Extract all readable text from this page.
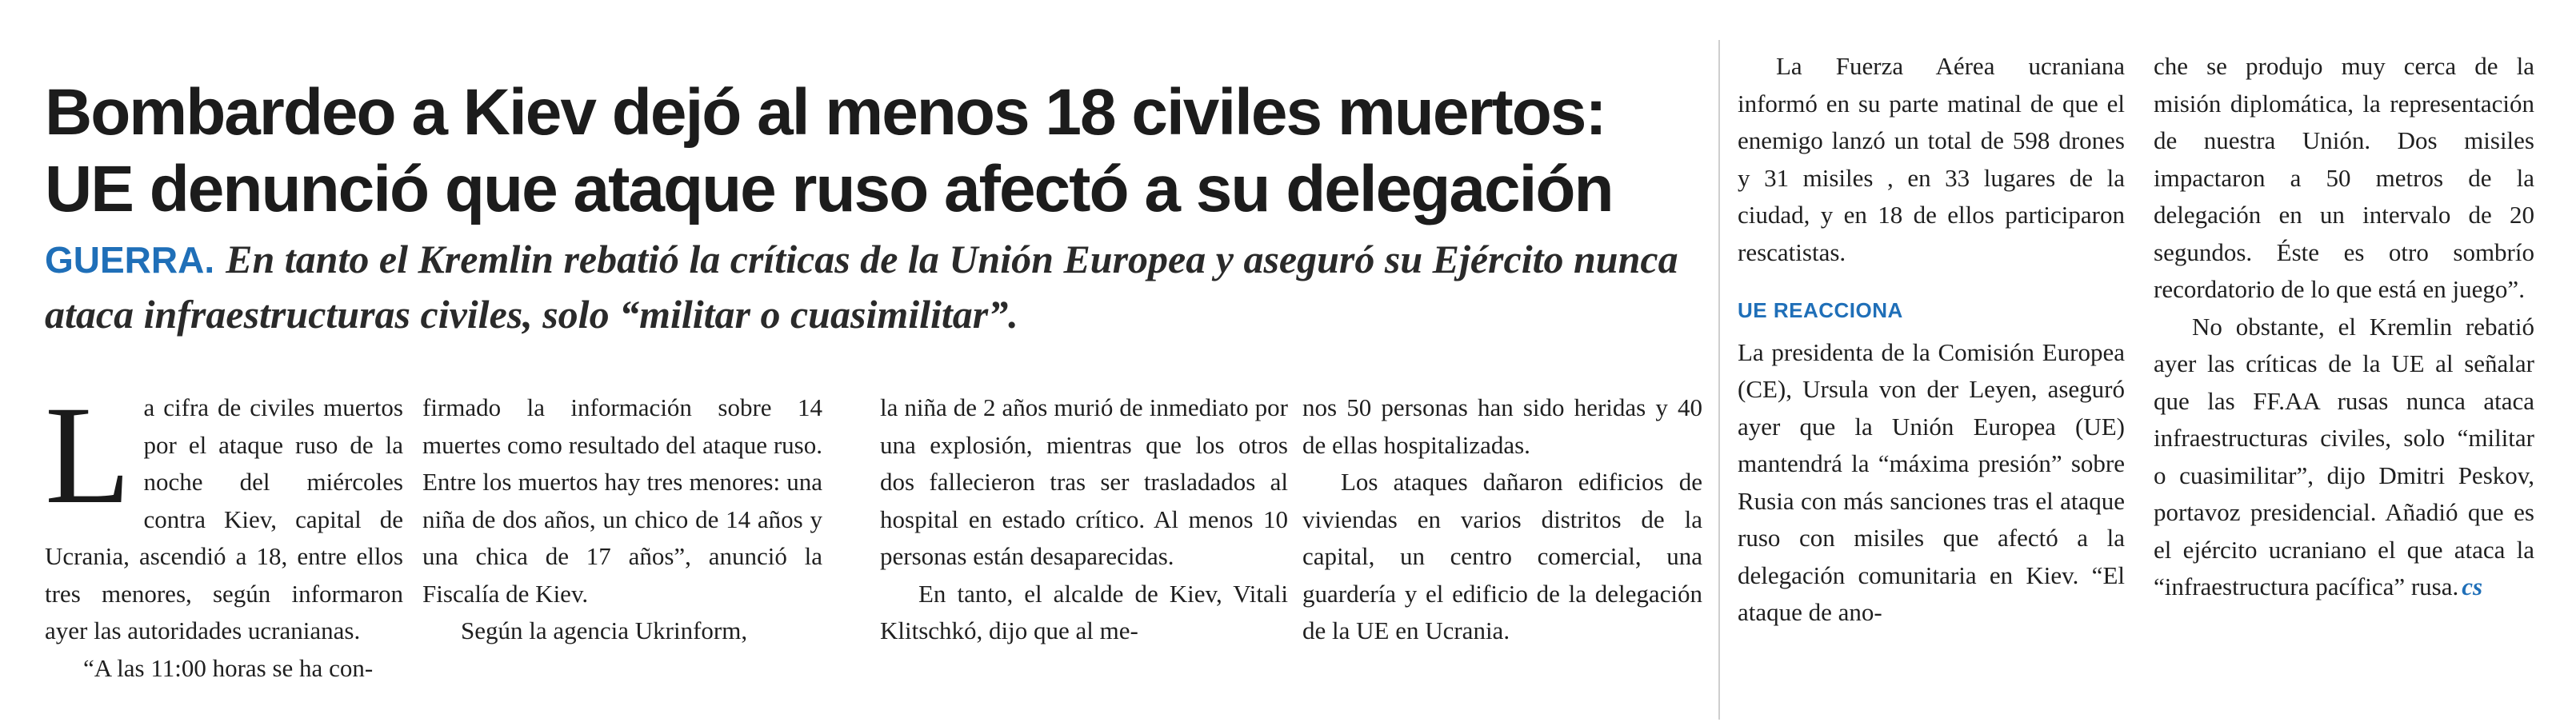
Bombardeo a Kiev dejó al menos 18 civiles muertos:
UE denunció que ataque ruso afectó a su delegación
GUERRA. En tanto el Kremlin rebatió la críticas de la Unión Europea y aseguró su Ejército nunca ataca infraestructuras civiles, solo “militar o cuasimilitar”.

La cifra de civiles muertos por el ataque ruso de la noche del miércoles contra Kiev, capital de Ucrania, ascendió a 18, entre ellos tres menores, según informaron ayer las autoridades ucranianas.

“A las 11:00 horas se ha con-

firmado la información sobre 14 muertes como resultado del ataque ruso. Entre los muertos hay tres menores: una niña de dos años, un chico de 14 años y una chica de 17 años”, anunció la Fiscalía de Kiev.

Según la agencia Ukrinform,

la niña de 2 años murió de inmediato por una explosión, mientras que los otros dos fallecieron tras ser trasladados al hospital en estado crítico. Al menos 10 personas están desaparecidas.

En tanto, el alcalde de Kiev, Vitali Klitschkó, dijo que al me-

nos 50 personas han sido heridas y 40 de ellas hospitalizadas.

Los ataques dañaron edificios de viviendas en varios distritos de la capital, un centro comercial, una guardería y el edificio de la delegación de la UE en Ucrania.

La Fuerza Aérea ucraniana informó en su parte matinal de que el enemigo lanzó un total de 598 drones y 31 misiles , en 33 lugares de la ciudad, y en 18 de ellos participaron rescatistas.

UE REACCIONA

La presidenta de la Comisión Europea (CE), Ursula von der Leyen, aseguró ayer que la Unión Europea (UE) mantendrá la “máxima presión” sobre Rusia con más sanciones tras el ataque ruso con misiles que afectó a la delegación comunitaria en Kiev. “El ataque de ano-

che se produjo muy cerca de la misión diplomática, la representación de nuestra Unión. Dos misiles impactaron a 50 metros de la delegación en un intervalo de 20 segundos. Éste es otro sombrío recordatorio de lo que está en juego”.

No obstante, el Kremlin rebatió ayer las críticas de la UE al señalar que las FF.AA rusas nunca ataca infraestructuras civiles, solo “militar o cuasimilitar”, dijo Dmitri Peskov, portavoz presidencial. Añadió que es el ejército ucraniano el que ataca la “infraestructura pacífica” rusa. cs
